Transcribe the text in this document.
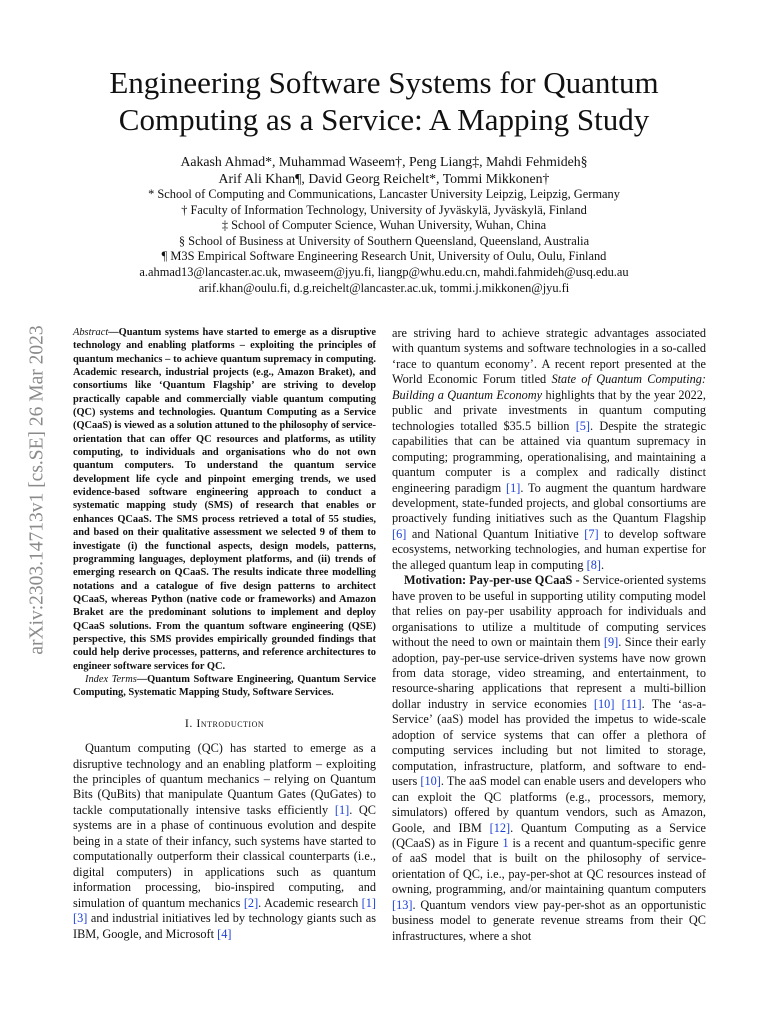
arXiv:2303.14713v1 [cs.SE] 26 Mar 2023
Engineering Software Systems for Quantum
Computing as a Service: A Mapping Study
Aakash Ahmad*, Muhammad Waseem†, Peng Liang‡, Mahdi Fehmideh§
Arif Ali Khan¶, David Georg Reichelt*, Tommi Mikkonen†
* School of Computing and Communications, Lancaster University Leipzig, Leipzig, Germany
† Faculty of Information Technology, University of Jyväskylä, Jyväskylä, Finland
‡ School of Computer Science, Wuhan University, Wuhan, China
§ School of Business at University of Southern Queensland, Queensland, Australia
¶ M3S Empirical Software Engineering Research Unit, University of Oulu, Oulu, Finland
a.ahmad13@lancaster.ac.uk, mwaseem@jyu.fi, liangp@whu.edu.cn, mahdi.fahmideh@usq.edu.au
arif.khan@oulu.fi, d.g.reichelt@lancaster.ac.uk, tommi.j.mikkonen@jyu.fi

Abstract—Quantum systems have started to emerge as a disruptive technology and enabling platforms – exploiting the principles of quantum mechanics – to achieve quantum supremacy in computing. Academic research, industrial projects (e.g., Amazon Braket), and consortiums like ‘Quantum Flagship’ are striving to develop practically capable and commercially viable quantum computing (QC) systems and technologies. Quantum Computing as a Service (QCaaS) is viewed as a solution attuned to the philosophy of service-orientation that can offer QC resources and platforms, as utility computing, to individuals and organisations who do not own quantum computers. To understand the quantum service development life cycle and pinpoint emerging trends, we used evidence-based software engineering approach to conduct a systematic mapping study (SMS) of research that enables or enhances QCaaS. The SMS process retrieved a total of 55 studies, and based on their qualitative assessment we selected 9 of them to investigate (i) the functional aspects, design models, patterns, programming languages, deployment platforms, and (ii) trends of emerging research on QCaaS. The results indicate three modelling notations and a catalogue of five design patterns to architect QCaaS, whereas Python (native code or frameworks) and Amazon Braket are the predominant solutions to implement and deploy QCaaS solutions. From the quantum software engineering (QSE) perspective, this SMS provides empirically grounded findings that could help derive processes, patterns, and reference architectures to engineer software services for QC.

Index Terms—Quantum Software Engineering, Quantum Service Computing, Systematic Mapping Study, Software Services.

I. Introduction

Quantum computing (QC) has started to emerge as a disruptive technology and an enabling platform – exploiting the principles of quantum mechanics – relying on Quantum Bits (QuBits) that manipulate Quantum Gates (QuGates) to tackle computationally intensive tasks efficiently [1]. QC systems are in a phase of continuous evolution and despite being in a state of their infancy, such systems have started to computationally outperform their classical counterparts (i.e., digital computers) in applications such as quantum information processing, bio-inspired computing, and simulation of quantum mechanics [2]. Academic research [1] [3] and industrial initiatives led by technology giants such as IBM, Google, and Microsoft [4]

are striving hard to achieve strategic advantages associated with quantum systems and software technologies in a so-called ‘race to quantum economy’. A recent report presented at the World Economic Forum titled State of Quantum Computing: Building a Quantum Economy highlights that by the year 2022, public and private investments in quantum computing technologies totalled $35.5 billion [5]. Despite the strategic capabilities that can be attained via quantum supremacy in computing; programming, operationalising, and maintaining a quantum computer is a complex and radically distinct engineering paradigm [1]. To augment the quantum hardware development, state-funded projects, and global consortiums are proactively funding initiatives such as the Quantum Flagship [6] and National Quantum Initiative [7] to develop software ecosystems, networking technologies, and human expertise for the alleged quantum leap in computing [8].

Motivation: Pay-per-use QCaaS - Service-oriented systems have proven to be useful in supporting utility computing model that relies on pay-per usability approach for individuals and organisations to utilize a multitude of computing services without the need to own or maintain them [9]. Since their early adoption, pay-per-use service-driven systems have now grown from data storage, video streaming, and entertainment, to resource-sharing applications that represent a multi-billion dollar industry in service economies [10] [11]. The ‘as-a-Service’ (aaS) model has provided the impetus to wide-scale adoption of service systems that can offer a plethora of computing services including but not limited to storage, computation, infrastructure, platform, and software to end-users [10]. The aaS model can enable users and developers who can exploit the QC platforms (e.g., processors, memory, simulators) offered by quantum vendors, such as Amazon, Goole, and IBM [12]. Quantum Computing as a Service (QCaaS) as in Figure 1 is a recent and quantum-specific genre of aaS model that is built on the philosophy of service-orientation of QC, i.e., pay-per-shot at QC resources instead of owning, programming, and/or maintaining quantum computers [13]. Quantum vendors view pay-per-shot as an opportunistic business model to generate revenue streams from their QC infrastructures, where a shot
